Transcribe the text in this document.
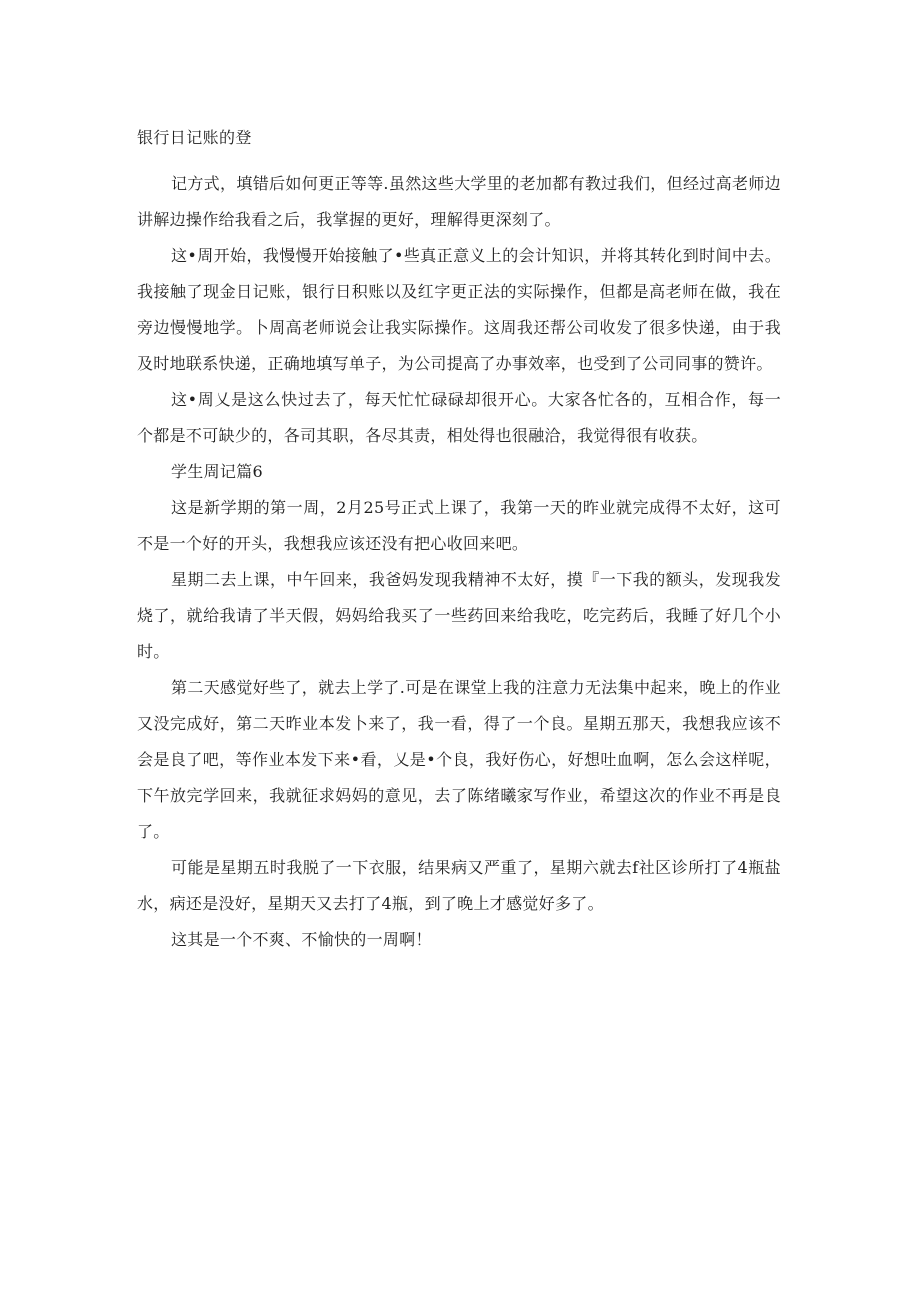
银行日记账的登

记方式，填错后如何更正等等.虽然这些大学里的老加都有教过我们，但经过高老师边讲解边操作给我看之后，我掌握的更好，理解得更深刻了。

这•周开始，我慢慢开始接触了•些真正意义上的会计知识，并将其转化到时间中去。我接触了现金日记账，银行日积账以及红字更正法的实际操作，但都是高老师在做，我在旁边慢慢地学。卜周高老师说会让我实际操作。这周我还帮公司收发了很多快递，由于我及时地联系快递，正确地填写单子，为公司提高了办事效率，也受到了公司同事的赞许。

这•周乂是这么快过去了，每天忙忙碌碌却很开心。大家各忙各的，互相合作，每一个都是不可缺少的，各司其职，各尽其责，相处得也很融洽，我觉得很有收获。

学生周记篇6

这是新学期的第一周，2月25号正式上课了，我第一天的昨业就完成得不太好，这可不是一个好的开头，我想我应该还没有把心收回来吧。

星期二去上课，中午回来，我爸妈发现我精神不太好，摸『一下我的额头，发现我发烧了，就给我请了半天假，妈妈给我买了一些药回来给我吃，吃完药后，我睡了好几个小时。

第二天感觉好些了，就去上学了.可是在课堂上我的注意力无法集中起来，晚上的作业又没完成好，第二天昨业本发卜来了，我一看，得了一个良。星期五那天，我想我应该不会是良了吧，等作业本发下来•看，乂是•个良，我好伤心，好想吐血啊，怎么会这样呢，下午放完学回来，我就征求妈妈的意见，去了陈绪曦家写作业，希望这次的作业不再是良了。

可能是星期五时我脱了一下衣服，结果病又严重了，星期六就去f社区诊所打了4瓶盐水，病还是没好，星期天又去打了4瓶，到了晚上才感觉好多了。

这其是一个不爽、不愉快的一周啊！
